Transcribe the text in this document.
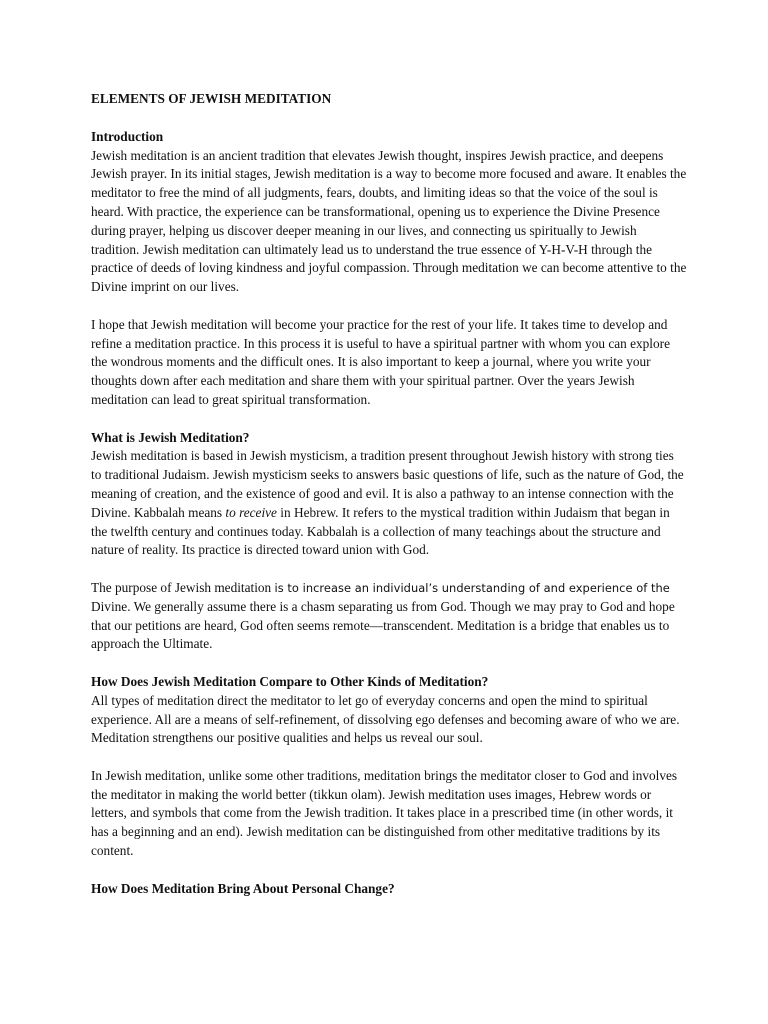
ELEMENTS OF JEWISH MEDITATION

Introduction

Jewish meditation is an ancient tradition that elevates Jewish thought, inspires Jewish practice, and deepens Jewish prayer. In its initial stages, Jewish meditation is a way to become more focused and aware. It enables the meditator to free the mind of all judgments, fears, doubts, and limiting ideas so that the voice of the soul is heard. With practice, the experience can be transformational, opening us to experience the Divine Presence during prayer, helping us discover deeper meaning in our lives, and connecting us spiritually to Jewish tradition. Jewish meditation can ultimately lead us to understand the true essence of Y-H-V-H through the practice of deeds of loving kindness and joyful compassion. Through meditation we can become attentive to the Divine imprint on our lives.

I hope that Jewish meditation will become your practice for the rest of your life. It takes time to develop and refine a meditation practice. In this process it is useful to have a spiritual partner with whom you can explore the wondrous moments and the difficult ones. It is also important to keep a journal, where you write your thoughts down after each meditation and share them with your spiritual partner. Over the years Jewish meditation can lead to great spiritual transformation.

What is Jewish Meditation?

Jewish meditation is based in Jewish mysticism, a tradition present throughout Jewish history with strong ties to traditional Judaism. Jewish mysticism seeks to answers basic questions of life, such as the nature of God, the meaning of creation, and the existence of good and evil. It is also a pathway to an intense connection with the Divine. Kabbalah means to receive in Hebrew. It refers to the mystical tradition within Judaism that began in the twelfth century and continues today. Kabbalah is a collection of many teachings about the structure and nature of reality. Its practice is directed toward union with God.

The purpose of Jewish meditation is to increase an individual’s understanding of and experience of the Divine. We generally assume there is a chasm separating us from God. Though we may pray to God and hope that our petitions are heard, God often seems remote—transcendent. Meditation is a bridge that enables us to approach the Ultimate.

How Does Jewish Meditation Compare to Other Kinds of Meditation?

All types of meditation direct the meditator to let go of everyday concerns and open the mind to spiritual experience. All are a means of self-refinement, of dissolving ego defenses and becoming aware of who we are. Meditation strengthens our positive qualities and helps us reveal our soul.

In Jewish meditation, unlike some other traditions, meditation brings the meditator closer to God and involves the meditator in making the world better (tikkun olam). Jewish meditation uses images, Hebrew words or letters, and symbols that come from the Jewish tradition. It takes place in a prescribed time (in other words, it has a beginning and an end). Jewish meditation can be distinguished from other meditative traditions by its content.

How Does Meditation Bring About Personal Change?
